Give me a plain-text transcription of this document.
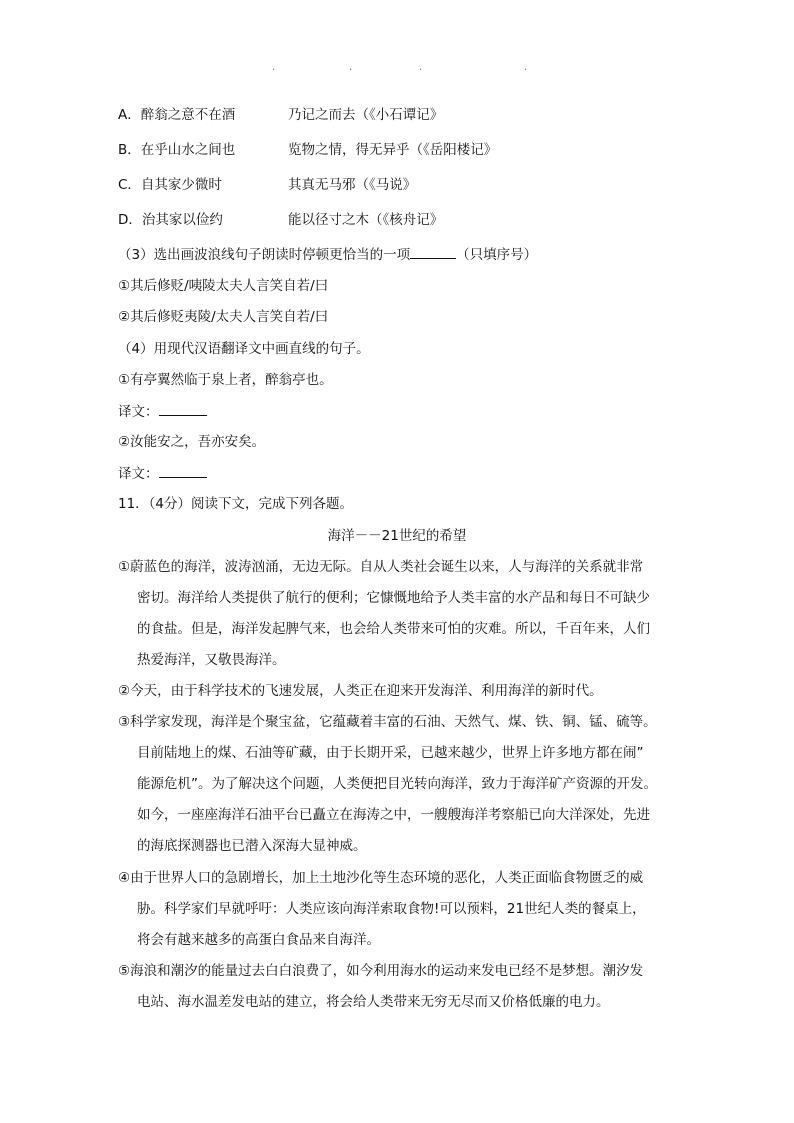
.	.	.	.
A．醉翁之意不在酒	乃记之而去（《小石谭记》
B．在乎山水之间也	览物之情，得无异乎（《岳阳楼记》
C．自其家少微时	其真无马邪（《马说》
D．治其家以俭约	能以径寸之木（《核舟记》
（3）选出画波浪线句子朗读时停顿更恰当的一项	（只填序号）
①其后修贬/咦陵太夫人言笑自若/曰
②其后修贬夷陵/太夫人言笑自若/曰
（4）用现代汉语翻译文中画直线的句子。
①有亭翼然临于泉上者，醉翁亭也。
译文：
②汝能安之，吾亦安矣。
译文：
11．（4分）阅读下文，完成下列各题。
海洋－－21世纪的希望
①蔚蓝色的海洋，波涛汹涌，无边无际。自从人类社会诞生以来，人与海洋的关系就非常
密切。海洋给人类提供了航行的便利；它慷慨地给予人类丰富的水产品和每日不可缺少
的食盐。但是，海洋发起脾气来，也会给人类带来可怕的灾难。所以，千百年来，人们
热爱海洋，又敬畏海洋。
②今天，由于科学技术的飞速发展，人类正在迎来开发海洋、利用海洋的新时代。
③科学家发现，海洋是个聚宝盆，它蕴藏着丰富的石油、天然气、煤、铁、铜、锰、硫等。
目前陆地上的煤、石油等矿藏，由于长期开采，已越来越少，世界上许多地方都在闹”
能源危机”。为了解决这个问题，人类便把目光转向海洋，致力于海洋矿产资源的开发。
如今，一座座海洋石油平台已矗立在海涛之中，一艘艘海洋考察船已向大洋深处，先进
的海底探测器也已潜入深海大显神威。
④由于世界人口的急剧增长，加上土地沙化等生态环境的恶化，人类正面临食物匮乏的威
胁。科学家们早就呼吁：人类应该向海洋索取食物!可以预料，21世纪人类的餐桌上，
将会有越来越多的高蛋白食品来自海洋。
⑤海浪和潮汐的能量过去白白浪费了，如今利用海水的运动来发电已经不是梦想。潮汐发
电站、海水温差发电站的建立，将会给人类带来无穷无尽而又价格低廉的电力。
